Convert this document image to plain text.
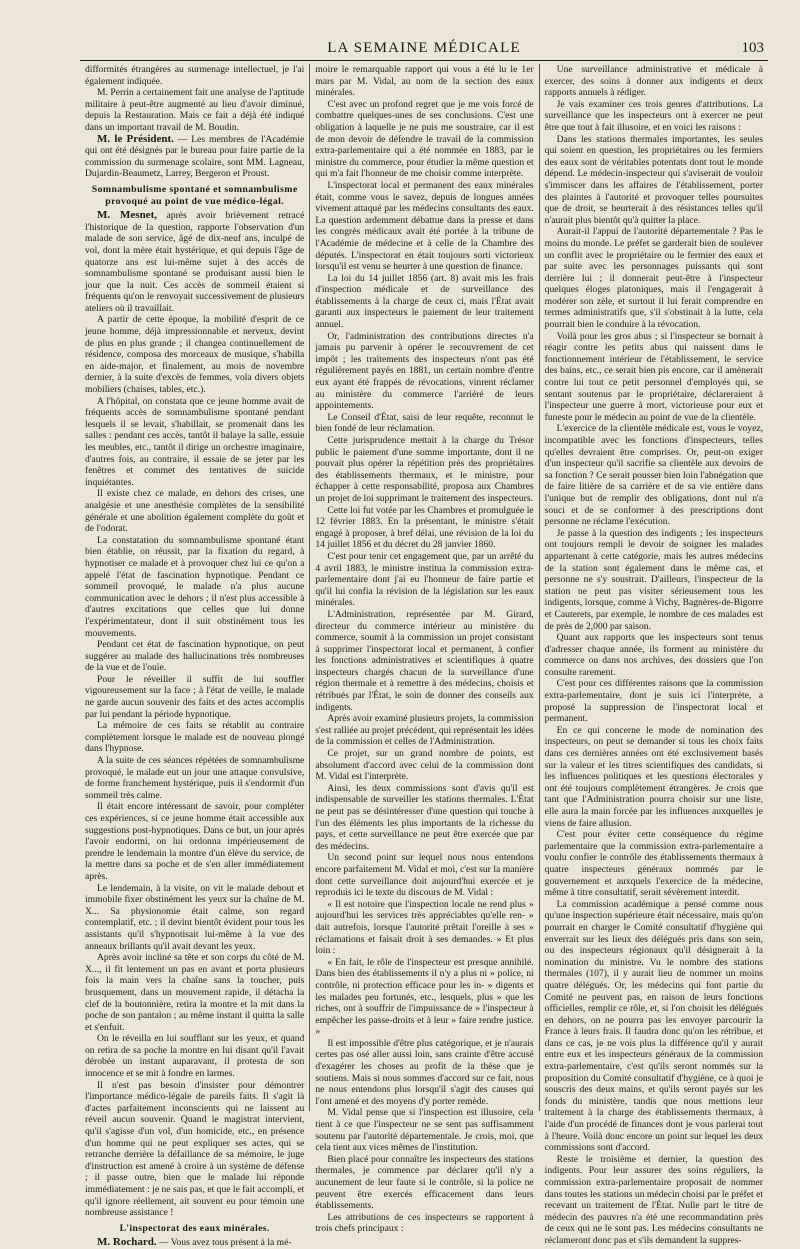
LA SEMAINE MÉDICALE	103

difformités étrangères au surmenage intellectuel, je l'ai également indiquée.

M. Perrin a certainement fait une analyse de l'aptitude militaire à peut-être augmenté au lieu d'avoir diminué, depuis la Restauration. Mais ce fait a déjà été indiqué dans un important travail de M. Boudin.

M. le Président. — Les membres de l'Académie qui ont été désignés par le bureau pour faire partie de la commission du surmenage scolaire, sont MM. Lagneau, Dujardin-Beaumetz, Larrey, Bergeron et Proust.

Somnambulisme spontané et somnambulisme provoqué au point de vue médico-légal.

M. Mesnet, après avoir brièvement retracé l'historique de la question, rapporte l'observation d'un malade de son service, âgé de dix-neuf ans, inculpé de vol, dont la mère était hystérique, et qui depuis l'âge de quatorze ans est lui-même sujet à des accès de somnambulisme spontané se produisant aussi bien le jour que la nuit. Ces accès de sommeil étaient si fréquents qu'on le renvoyait successivement de plusieurs ateliers où il travaillait.

A partir de cette époque, la mobilité d'esprit de ce jeune homme, déjà impressionnable et nerveux, devint de plus en plus grande ; il changea continuellement de résidence, composa des morceaux de musique, s'habilla en aide-major, et finalement, au mois de novembre dernier, à la suite d'excès de femmes, vola divers objets mobiliers (chaises, tables, etc.).

A l'hôpital, on constata que ce jeune homme avait de fréquents accès de somnambulisme spontané pendant lesquels il se levait, s'habillait, se promenait dans les salles : pendant ces accès, tantôt il balaye la salle, essuie les meubles, etc., tantôt il dirige un orchestre imaginaire, d'autres fois, au contraire, il essaie de se jeter par les fenêtres et commet des tentatives de suicide inquiétantes.

Il existe chez ce malade, en dehors des crises, une analgésie et une anesthésie complètes de la sensibilité générale et une abolition également complète du goût et de l'odorat.

La constatation du somnambulisme spontané étant bien établie, on réussit, par la fixation du regard, à hypnotiser ce malade et à provoquer chez lui ce qu'on a appelé l'état de fascination hypnotique. Pendant ce sommeil provoqué, le malade n'a plus aucune communication avec le dehors ; il n'est plus accessible à d'autres excitations que celles que lui donne l'expérimentateur, dont il suit obstinément tous les mouvements.

Pendant cet état de fascination hypnotique, on peut suggérer au malade des hallucinations très nombreuses de la vue et de l'ouïe.

Pour le réveiller il suffit de lui souffler vigoureusement sur la face ; à l'état de veille, le malade ne garde aucun souvenir des faits et des actes accomplis par lui pendant la période hypnotique.

La mémoire de ces faits se rétablit au contraire complètement lorsque le malade est de nouveau plongé dans l'hypnose.

A la suite de ces séances répétées de somnambulisme provoqué, le malade eut un jour une attaque convulsive, de forme franchement hystérique, puis il s'endormit d'un sommeil très calme.

Il était encore intéressant de savoir, pour compléter ces expériences, si ce jeune homme était accessible aux suggestions post-hypnotiques. Dans ce but, un jour après l'avoir endormi, on lui ordonna impérieusement de prendre le lendemain la montre d'un élève du service, de la mettre dans sa poche et de s'en aller immédiatement après.

Le lendemain, à la visite, on vit le malade debout et immobile fixer obstinément les yeux sur la chaîne de M. X... Sa physionomie était calme, son regard contemplatif, etc. ; il devint bientôt évident pour tous les assistants qu'il s'hypnotisait lui-même à la vue des anneaux brillants qu'il avait devant les yeux.

Après avoir incliné sa tête et son corps du côté de M. X..., il fit lentement un pas en avant et porta plusieurs fois la main vers la chaîne sans la toucher, puis brusquement, dans un mouvement rapide, il détacha la clef de la boutonnière, retira la montre et la mit dans la poche de son pantalon ; au même instant il quitta la salle et s'enfuit.

On le réveilla en lui soufflant sur les yeux, et quand on retira de sa poche la montre en lui disant qu'il l'avait dérobée un instant auparavant, il protesta de son innocence et se mit à fondre en larmes.

Il n'est pas besoin d'insister pour démontrer l'importance médico-légale de pareils faits. Il s'agit là d'actes parfaitement inconscients qui ne laissent au réveil aucun souvenir. Quand le magistrat intervient, qu'il s'agisse d'un vol, d'un homicide, etc., en présence d'un homme qui ne peut expliquer ses actes, qui se retranche derrière la défaillance de sa mémoire, le juge d'instruction est amené à croire à un système de défense ; il passe outre, bien que le malade lui réponde immédiatement : je ne sais pas, et que le fait accompli, et qu'il ignore réellement, ait souvent eu pour témoin une nombreuse assistance !

L'inspectorat des eaux minérales.

M. Rochard. — Vous avez tous présent à la mé-

moire le remarquable rapport qui vous a été lu le 1er mars par M. Vidal, au nom de la section des eaux minérales.

C'est avec un profond regret que je me vois forcé de combattre quelques-unes de ses conclusions. C'est une obligation à laquelle je ne puis me soustraire, car il est de mon devoir de défendre le travail de la commission extra-parlementaire qui a été nommée en 1883, par le ministre du commerce, pour étudier la même question et qui m'a fait l'honneur de me choisir comme interprète.

L'inspectorat local et permanent des eaux minérales était, comme vous le savez, depuis de longues années vivement attaqué par les médecins consultants des eaux. La question ardemment débattue dans la presse et dans les congrès médicaux avait été portée à la tribune de l'Académie de médecine et à celle de la Chambre des députés. L'inspectorat en était toujours sorti victorieux lorsqu'il est venu se heurter à une question de finance.

La loi du 14 juillet 1856 (art. 8) avait mis les frais d'inspection médicale et de surveillance des établissements à la charge de ceux ci, mais l'État avait garanti aux inspecteurs le paiement de leur traitement annuel.

Or, l'administration des contributions directes n'a jamais pu parvenir à opérer le recouvrement de cet impôt ; les traitements des inspecteurs n'ont pas été régulièrement payés en 1881, un certain nombre d'entre eux ayant été frappés de révocations, vinrent réclamer au ministère du commerce l'arriéré de leurs appointements.

Le Conseil d'État, saisi de leur requête, reconnut le bien fondé de leur réclamation.

Cette jurisprudence mettait à la charge du Trésor public le paiement d'une somme importante, dont il ne pouvait plus opérer la répétition près des propriétaires des établissements thermaux, et le ministre, pour échapper à cette responsabilité, proposa aux Chambres un projet de loi supprimant le traitement des inspecteurs.

Cette loi fut votée par les Chambres et promulguée le 12 février 1883. En la présentant, le ministre s'était engagé à proposer, à bref délai, une révision de la loi du 14 juillet 1856 et du décret du 28 janvier 1860.

C'est pour tenir cet engagement que, par un arrêté du 4 avril 1883, le ministre institua la commission extra-parlementaire dont j'ai eu l'honneur de faire partie et qu'il lui confia la révision de la législation sur les eaux minérales.

L'Administration, représentée par M. Girard, directeur du commerce intérieur au ministère du commerce, soumit à la commission un projet consistant à supprimer l'inspectorat local et permanent, à confier les fonctions administratives et scientifiques à quatre inspecteurs chargés chacun de la surveillance d'une région thermale et à remettre à des médecins, choisis et rétribués par l'État, le soin de donner des conseils aux indigents.

Après avoir examiné plusieurs projets, la commission s'est ralliée au projet précédent, qui représentait les idées de la commission et celles de l'Administration.

Ce projet, sur un grand nombre de points, est absolument d'accord avec celui de la commission dont M. Vidal est l'interprète.

Ainsi, les deux commissions sont d'avis qu'il est indispensable de surveiller les stations thermales. L'État ne peut pas se désintéresser d'une question qui touche à l'un des éléments les plus importants de la richesse du pays, et cette surveillance ne peut être exercée que par des médecins.

Un second point sur lequel nous nous entendons encore parfaitement M. Vidal et moi, c'est sur la manière dont cette surveillance doit aujourd'hui exercée et je reproduis ici le texte du discours de M. Vidal :

« Il est notoire que l'inspection locale ne rend plus » aujourd'hui les services très appréciables qu'elle ren- » dait autrefois, lorsque l'autorité prêtait l'oreille à ses » réclamations et faisait droit à ses demandes. » Et plus loin :

« En fait, le rôle de l'inspecteur est presque annihilé. Dans bien des établissements il n'y a plus ni » police, ni contrôle, ni protection efficace pour les in- » digents et les malades peu fortunés, etc., lesquels, plus » que les riches, ont à souffrir de l'impuissance de » l'inspecteur à empêcher les passe-droits et à leur » faire rendre justice. »

Il est impossible d'être plus catégorique, et je n'aurais certes pas osé aller aussi loin, sans crainte d'être accusé d'exagérer les choses au profit de la thèse que je soutiens. Mais si nous sommes d'accord sur ce fait, nous ne nous entendons plus lorsqu'il s'agit des causes qui l'ont amené et des moyens d'y porter remède.

M. Vidal pense que si l'inspection est illusoire, cela tient à ce que l'inspecteur ne se sent pas suffisamment soutenu par l'autorité départementale. Je crois, moi, que cela tient aux vices mêmes de l'institution.

Bien placé pour connaître les inspecteurs des stations thermales, je commence par déclarer qu'il n'y a aucunement de leur faute si le contrôle, si la police ne peuvent être exercés efficacement dans leurs établissements.

Les attributions de ces inspecteurs se rapportent à trois chefs principaux :

Une surveillance administrative et médicale à exercer, des soins à donner aux indigents et deux rapports annuels à rédiger.

Je vais examiner ces trois genres d'attributions. La surveillance que les inspecteurs ont à exercer ne peut être que tout à fait illusoire, et en voici les raisons :

Dans les stations thermales importantes, les seules qui soient en question, les propriétaires ou les fermiers des eaux sont de véritables potentats dont tout le monde dépend. Le médecin-inspecteur qui s'aviserait de vouloir s'immiscer dans les affaires de l'établissement, porter des plaintes à l'autorité et provoquer telles poursuites que de droit, se heurterait à des résistances telles qu'il n'aurait plus bientôt qu'à quitter la place.

Aurait-il l'appui de l'autorité départementale ? Pas le moins du monde. Le préfet se garderait bien de soulever un conflit avec le propriétaire ou le fermier des eaux et par suite avec les personnages puissants qui sont derrière lui ; il donnerait peut-être à l'inspecteur quelques éloges platoniques, mais il l'engagerait à modérer son zèle, et surtout il lui ferait comprendre en termes administratifs que, s'il s'obstinait à la lutte, cela pourrait bien le conduire à la révocation.

Voilà pour les gros abus ; si l'inspecteur se bornait à réagir contre les petits abus qui naissent dans le fonctionnement intérieur de l'établissement, le service des bains, etc., ce serait bien pis encore, car il amènerait contre lui tout ce petit personnel d'employés qui, se sentant soutenus par le propriétaire, déclareraient à l'inspecteur une guerre à mort, victorieuse pour eux et funeste pour le médecin au point de vue de la clientèle.

L'exercice de la clientèle médicale est, vous le voyez, incompatible avec les fonctions d'inspecteurs, telles qu'elles devraient être comprises. Or, peut-on exiger d'un inspecteur qu'il sacrifie sa clientèle aux devoirs de sa fonction ? Ce serait pousser bien loin l'abnégation que de faire litière de sa carrière et de sa vie entière dans l'unique but de remplir des obligations, dont nul n'a souci et de se conformer à des prescriptions dont personne ne réclame l'exécution.

Je passe à la question des indigents ; les inspecteurs ont toujours rempli le devoir de soigner les malades appartenant à cette catégorie, mais les autres médecins de la station sont également dans le même cas, et personne ne s'y soustrait. D'ailleurs, l'inspecteur de la station ne peut pas visiter sérieusement tous les indigents, lorsque, comme à Vichy, Bagnères-de-Bigorre et Cauterets, par exemple, le nombre de ces malades est de près de 2,000 par saison.

Quant aux rapports que les inspecteurs sont tenus d'adresser chaque année, ils forment au ministère du commerce ou dans nos archives, des dossiers que l'on consulte rarement.

C'est pour ces différentes raisons que la commission extra-parlementaire, dont je suis ici l'interprète, a proposé la suppression de l'inspectorat local et permanent.

En ce qui concerne le mode de nomination des inspecteurs, on peut se demander si tous les choix faits dans ces dernières années ont été exclusivement basés sur la valeur et les titres scientifiques des candidats, si les influences politiques et les questions électorales y ont été toujours complètement étrangères. Je crois que tant que l'Administration pourra choisir sur une liste, elle aura la main forcée par les influences auxquelles je viens de faire allusion.

C'est pour éviter cette conséquence du régime parlementaire que la commission extra-parlementaire a voulu confier le contrôle des établissements thermaux à quatre inspecteurs généraux nommés par le gouvernement et auxquels l'exercice de la médecine, même à titre consultatif, serait sévèrement interdit.

La commission académique a pensé comme nous qu'une inspection supérieure était nécessaire, mais qu'on pourrait en charger le Comité consultatif d'hygiène qui enverrait sur les lieux des délégués pris dans son sein, ou des inspecteurs régionaux qu'il désignerait à la nomination du ministre. Vu le nombre des stations thermales (107), il y aurait lieu de nommer un moins quatre délégués. Or, les médecins qui font partie du Comité ne peuvent pas, en raison de leurs fonctions officielles, remplir ce rôle, et, si l'on choisit les délégués en dehors, on ne pourra pas les envoyer parcourir la France à leurs frais. Il faudra donc qu'on les rétribue, et dans ce cas, je ne vois plus la différence qu'il y aurait entre eux et les inspecteurs généraux de la commission extra-parlementaire, c'est qu'ils seront nommés sur la proposition du Comité consultatif d'hygiène, ce à quoi je souscris des deux mains, et qu'ils seront payés sur les fonds du ministère, tandis que nous mettions leur traitement à la charge des établissements thermaux, à l'aide d'un procédé de finances dont je vous parlerai tout à l'heure. Voilà donc encore un point sur lequel les deux commissions sont d'accord.

Reste le troisième et dernier, la question des indigents. Pour leur assurer des soins réguliers, la commission extra-parlementaire proposait de nommer dans toutes les stations un médecin choisi par le préfet et recevant un traitement de l'État. Nulle part le titre de médecin des pauvres n'a été une recommandation près de ceux qui ne le sont pas. Les médecins consultants ne réclameront donc pas et s'ils demandent la suppres-
